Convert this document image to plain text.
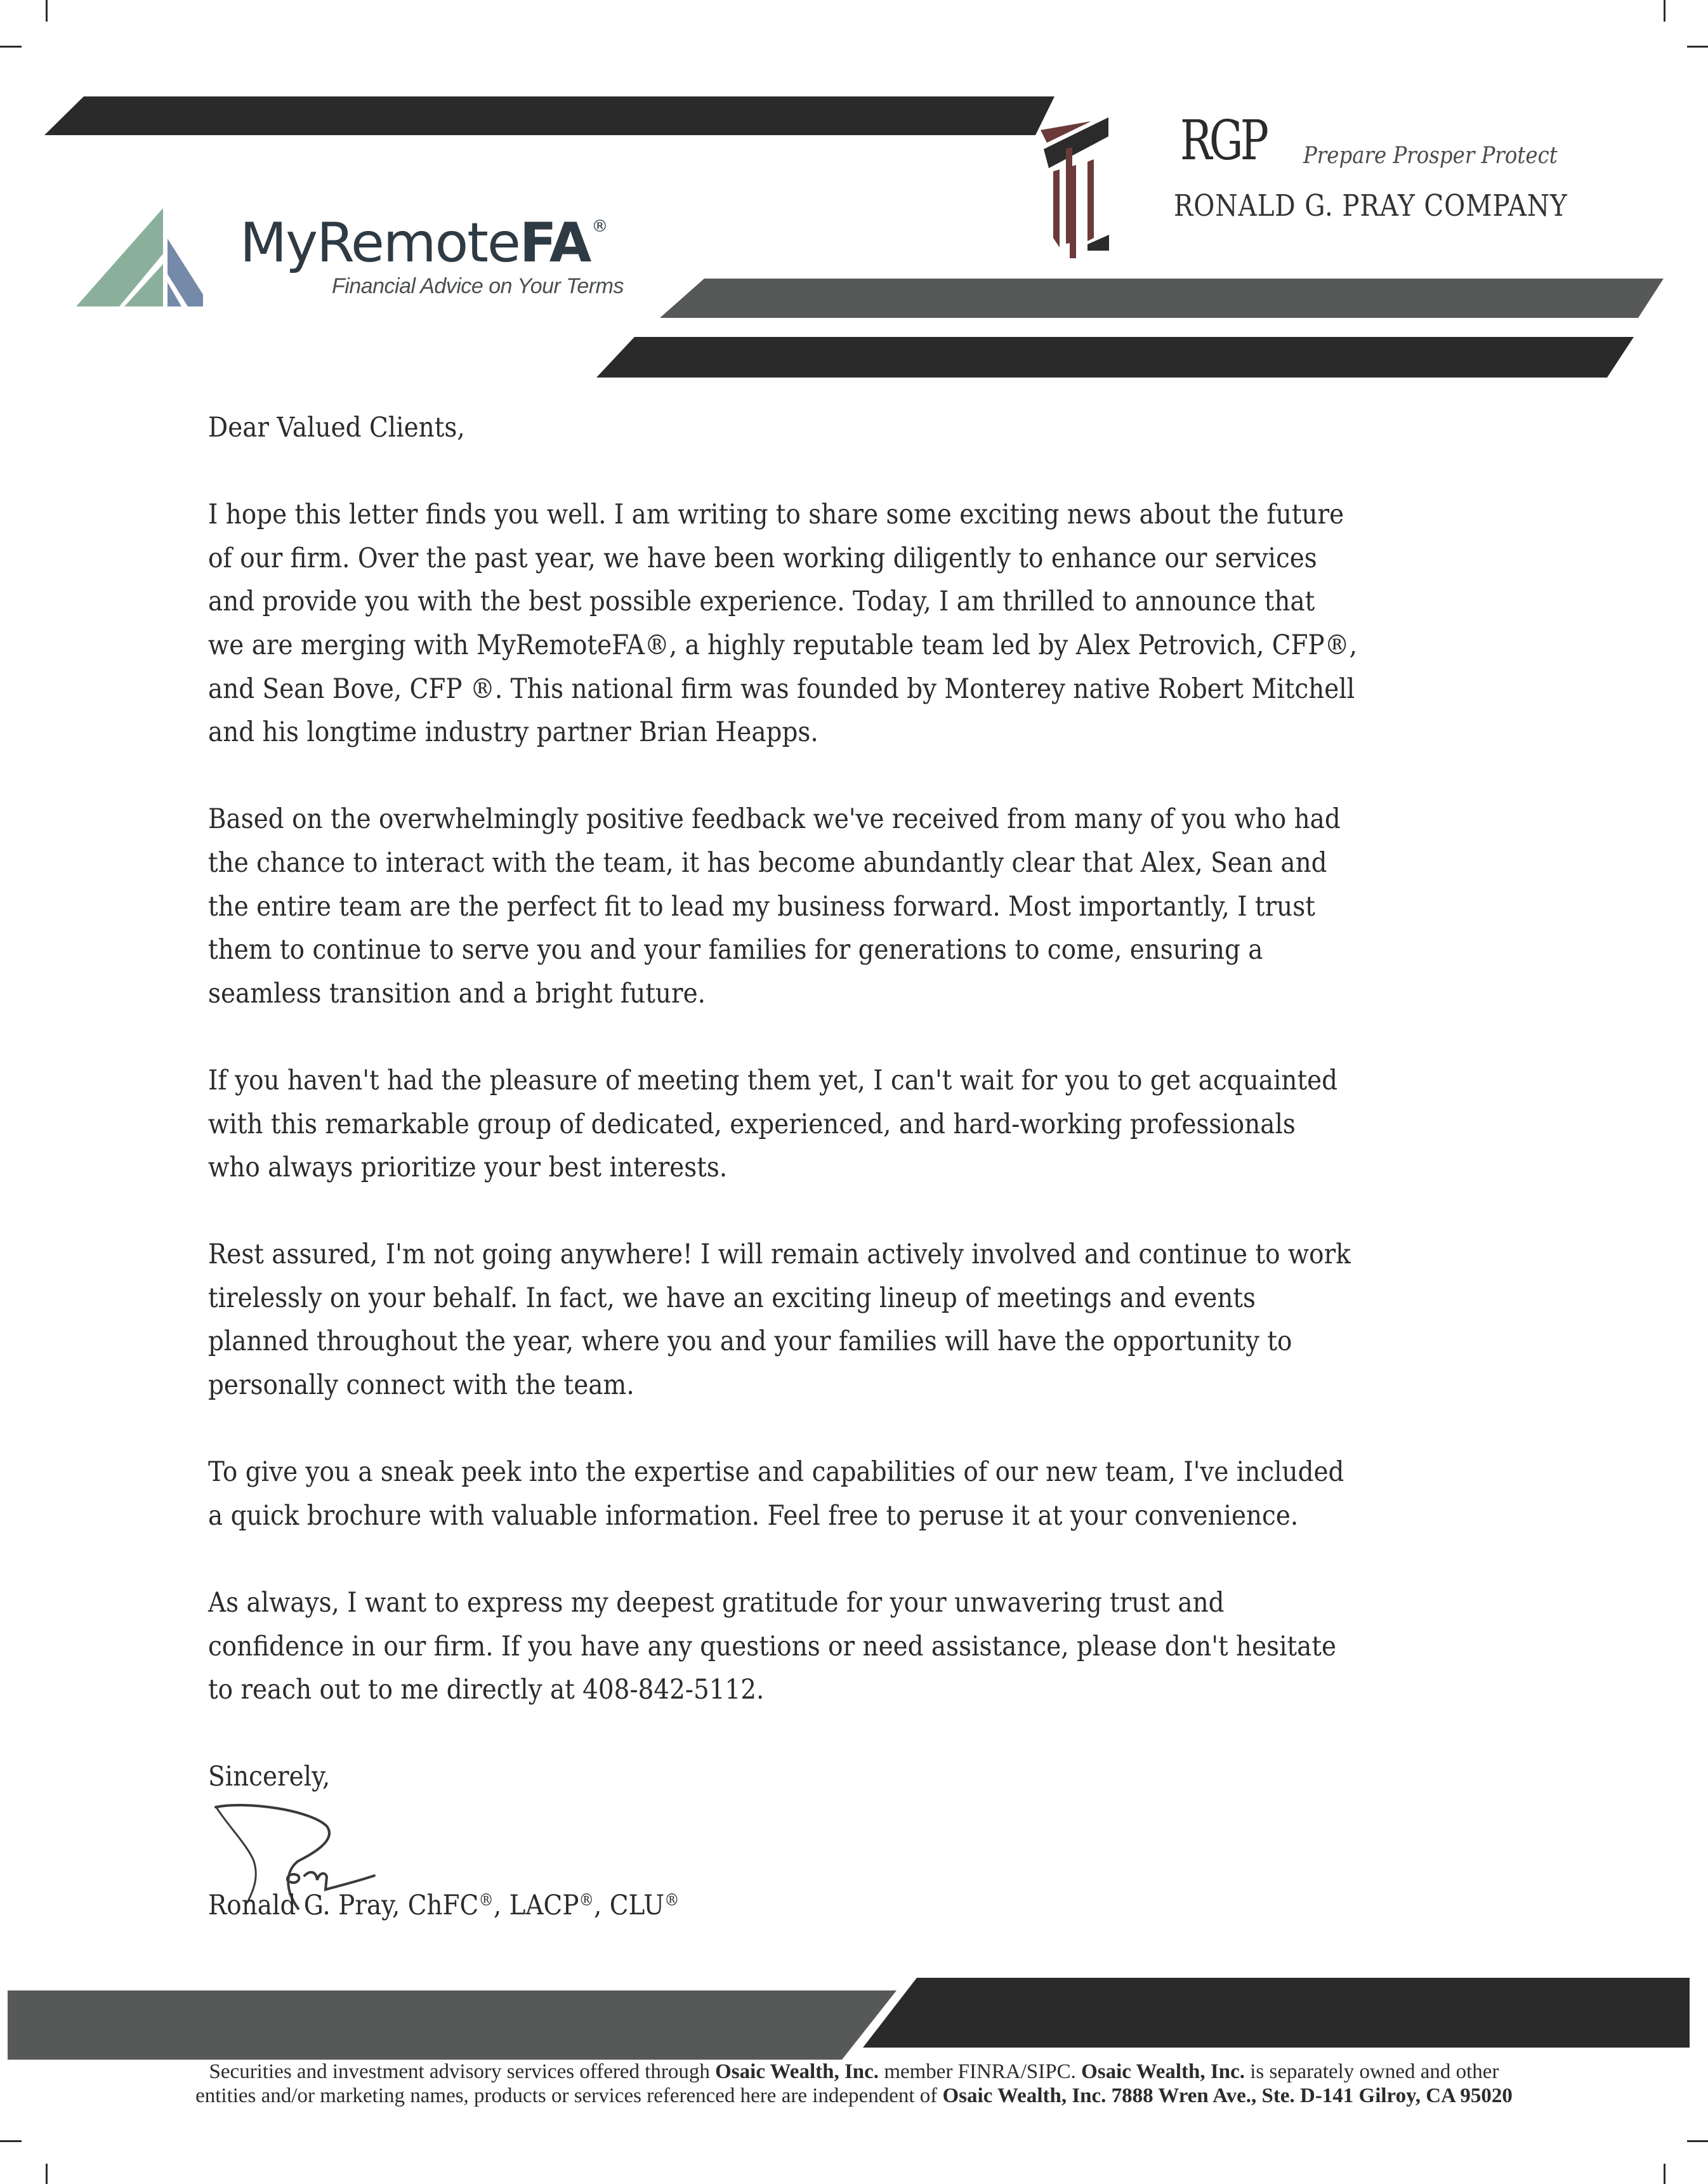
MyRemoteFA®
Financial Advice on Your Terms
RGP Prepare Prosper Protect
RONALD G. PRAY COMPANY

Dear Valued Clients,

I hope this letter finds you well. I am writing to share some exciting news about the future
of our firm. Over the past year, we have been working diligently to enhance our services
and provide you with the best possible experience. Today, I am thrilled to announce that
we are merging with MyRemoteFA®, a highly reputable team led by Alex Petrovich, CFP®,
and Sean Bove, CFP ®. This national firm was founded by Monterey native Robert Mitchell
and his longtime industry partner Brian Heapps.

Based on the overwhelmingly positive feedback we've received from many of you who had
the chance to interact with the team, it has become abundantly clear that Alex, Sean and
the entire team are the perfect fit to lead my business forward. Most importantly, I trust
them to continue to serve you and your families for generations to come, ensuring a
seamless transition and a bright future.

If you haven't had the pleasure of meeting them yet, I can't wait for you to get acquainted
with this remarkable group of dedicated, experienced, and hard-working professionals
who always prioritize your best interests.

Rest assured, I'm not going anywhere! I will remain actively involved and continue to work
tirelessly on your behalf. In fact, we have an exciting lineup of meetings and events
planned throughout the year, where you and your families will have the opportunity to
personally connect with the team.

To give you a sneak peek into the expertise and capabilities of our new team, I've included
a quick brochure with valuable information. Feel free to peruse it at your convenience.

As always, I want to express my deepest gratitude for your unwavering trust and
confidence in our firm. If you have any questions or need assistance, please don't hesitate
to reach out to me directly at 408-842-5112.

Sincerely,

Ronald G. Pray, ChFC®, LACP®, CLU®
Securities and investment advisory services offered through Osaic Wealth, Inc. member FINRA/SIPC. Osaic Wealth, Inc. is separately owned and other
entities and/or marketing names, products or services referenced here are independent of Osaic Wealth, Inc. 7888 Wren Ave., Ste. D-141 Gilroy, CA 95020
